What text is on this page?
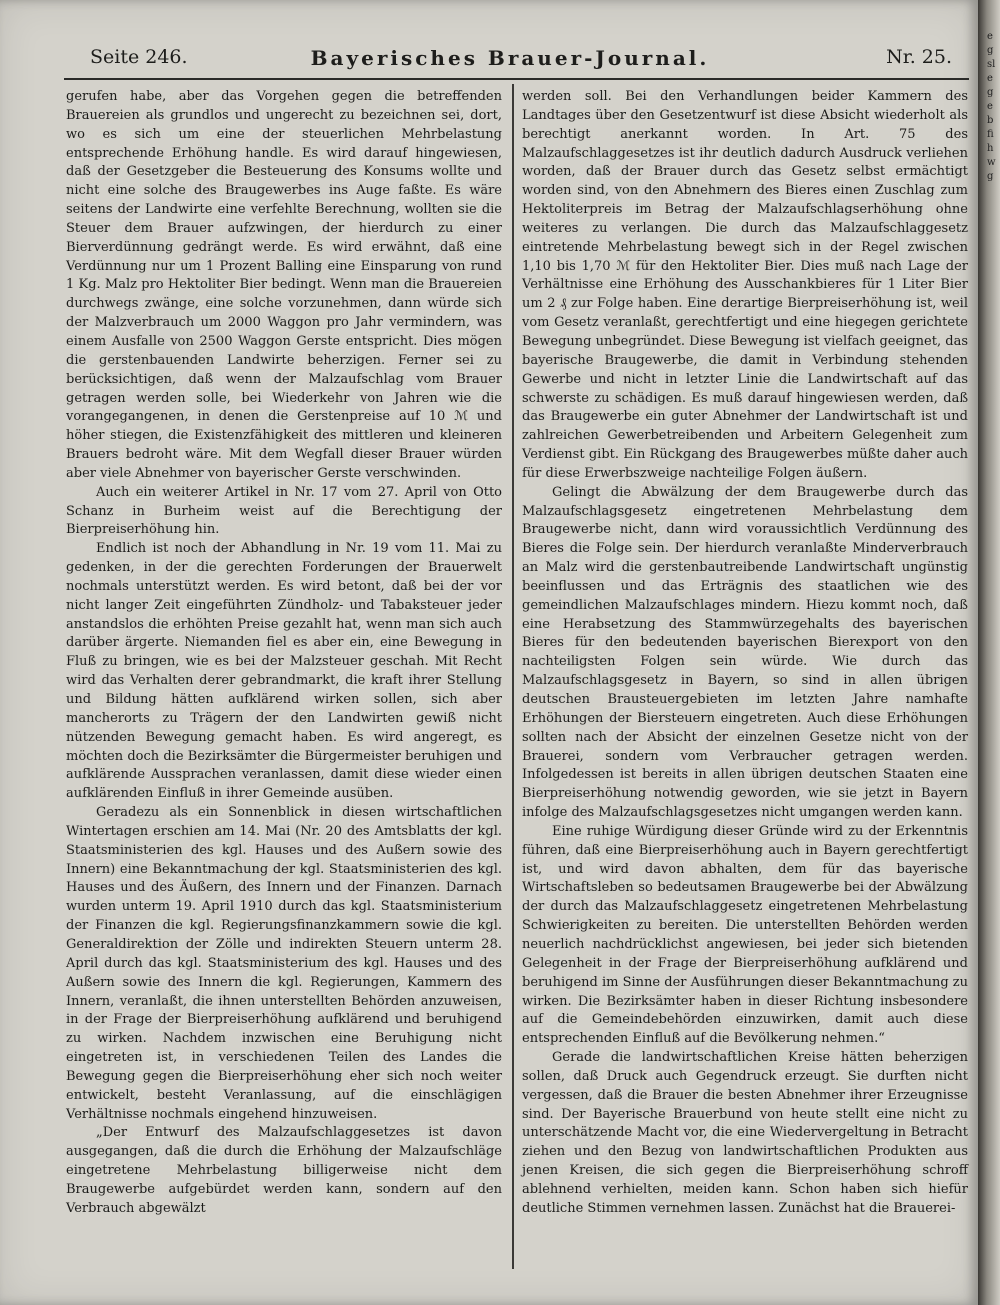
Seite 246.	Bayerisches Brauer-Journal.	Nr. 25.

gerufen habe, aber das Vorgehen gegen die betreffenden Brauereien als grundlos und ungerecht zu bezeichnen sei, dort, wo es sich um eine der steuerlichen Mehrbelastung entsprechende Erhöhung handle. Es wird darauf hingewiesen, daß der Gesetzgeber die Besteuerung des Konsums wollte und nicht eine solche des Braugewerbes ins Auge faßte. Es wäre seitens der Landwirte eine verfehlte Berechnung, wollten sie die Steuer dem Brauer aufzwingen, der hierdurch zu einer Bierverdünnung gedrängt werde. Es wird erwähnt, daß eine Verdünnung nur um 1 Prozent Balling eine Einsparung von rund 1 Kg. Malz pro Hektoliter Bier bedingt. Wenn man die Brauereien durchwegs zwänge, eine solche vorzunehmen, dann würde sich der Malzverbrauch um 2000 Waggon pro Jahr vermindern, was einem Ausfalle von 2500 Waggon Gerste entspricht. Dies mögen die gerstenbauenden Landwirte beherzigen. Ferner sei zu berücksichtigen, daß wenn der Malzaufschlag vom Brauer getragen werden solle, bei Wiederkehr von Jahren wie die vorangegangenen, in denen die Gerstenpreise auf 10 ℳ und höher stiegen, die Existenzfähigkeit des mittleren und kleineren Brauers bedroht wäre. Mit dem Wegfall dieser Brauer würden aber viele Abnehmer von bayerischer Gerste verschwinden.

Auch ein weiterer Artikel in Nr. 17 vom 27. April von Otto Schanz in Burheim weist auf die Berechtigung der Bierpreiserhöhung hin.

Endlich ist noch der Abhandlung in Nr. 19 vom 11. Mai zu gedenken, in der die gerechten Forderungen der Brauerwelt nochmals unterstützt werden. Es wird betont, daß bei der vor nicht langer Zeit eingeführten Zündholz- und Tabaksteuer jeder anstandslos die erhöhten Preise gezahlt hat, wenn man sich auch darüber ärgerte. Niemanden fiel es aber ein, eine Bewegung in Fluß zu bringen, wie es bei der Malzsteuer geschah. Mit Recht wird das Verhalten derer gebrandmarkt, die kraft ihrer Stellung und Bildung hätten aufklärend wirken sollen, sich aber mancherorts zu Trägern der den Landwirten gewiß nicht nützenden Bewegung gemacht haben. Es wird angeregt, es möchten doch die Bezirksämter die Bürgermeister beruhigen und aufklärende Aussprachen veranlassen, damit diese wieder einen aufklärenden Einfluß in ihrer Gemeinde ausüben.

Geradezu als ein Sonnenblick in diesen wirtschaftlichen Wintertagen erschien am 14. Mai (Nr. 20 des Amtsblatts der kgl. Staatsministerien des kgl. Hauses und des Außern sowie des Innern) eine Bekanntmachung der kgl. Staatsministerien des kgl. Hauses und des Äußern, des Innern und der Finanzen. Darnach wurden unterm 19. April 1910 durch das kgl. Staatsministerium der Finanzen die kgl. Regierungsfinanzkammern sowie die kgl. Generaldirektion der Zölle und indirekten Steuern unterm 28. April durch das kgl. Staatsministerium des kgl. Hauses und des Außern sowie des Innern die kgl. Regierungen, Kammern des Innern, veranlaßt, die ihnen unterstellten Behörden anzuweisen, in der Frage der Bierpreiserhöhung aufklärend und beruhigend zu wirken. Nachdem inzwischen eine Beruhigung nicht eingetreten ist, in verschiedenen Teilen des Landes die Bewegung gegen die Bierpreiserhöhung eher sich noch weiter entwickelt, besteht Veranlassung, auf die einschlägigen Verhältnisse nochmals eingehend hinzuweisen.

„Der Entwurf des Malzaufschlaggesetzes ist davon ausgegangen, daß die durch die Erhöhung der Malzaufschläge eingetretene Mehrbelastung billigerweise nicht dem Braugewerbe aufgebürdet werden kann, sondern auf den Verbrauch abgewälzt

werden soll. Bei den Verhandlungen beider Kammern des Landtages über den Gesetzentwurf ist diese Absicht wiederholt als berechtigt anerkannt worden. In Art. 75 des Malzaufschlaggesetzes ist ihr deutlich dadurch Ausdruck verliehen worden, daß der Brauer durch das Gesetz selbst ermächtigt worden sind, von den Abnehmern des Bieres einen Zuschlag zum Hektoliterpreis im Betrag der Malzaufschlagserhöhung ohne weiteres zu verlangen. Die durch das Malzaufschlaggesetz eintretende Mehrbelastung bewegt sich in der Regel zwischen 1,10 bis 1,70 ℳ für den Hektoliter Bier. Dies muß nach Lage der Verhältnisse eine Erhöhung des Ausschankbieres für 1 Liter Bier um 2 ₰ zur Folge haben. Eine derartige Bierpreiserhöhung ist, weil vom Gesetz veranlaßt, gerechtfertigt und eine hiegegen gerichtete Bewegung unbegründet. Diese Bewegung ist vielfach geeignet, das bayerische Braugewerbe, die damit in Verbindung stehenden Gewerbe und nicht in letzter Linie die Landwirtschaft auf das schwerste zu schädigen. Es muß darauf hingewiesen werden, daß das Braugewerbe ein guter Abnehmer der Landwirtschaft ist und zahlreichen Gewerbetreibenden und Arbeitern Gelegenheit zum Verdienst gibt. Ein Rückgang des Braugewerbes müßte daher auch für diese Erwerbszweige nachteilige Folgen äußern.

Gelingt die Abwälzung der dem Braugewerbe durch das Malzaufschlagsgesetz eingetretenen Mehrbelastung dem Braugewerbe nicht, dann wird voraussichtlich Verdünnung des Bieres die Folge sein. Der hierdurch veranlaßte Minderverbrauch an Malz wird die gerstenbautreibende Landwirtschaft ungünstig beeinflussen und das Erträgnis des staatlichen wie des gemeindlichen Malzaufschlages mindern. Hiezu kommt noch, daß eine Herabsetzung des Stammwürzegehalts des bayerischen Bieres für den bedeutenden bayerischen Bierexport von den nachteiligsten Folgen sein würde. Wie durch das Malzaufschlagsgesetz in Bayern, so sind in allen übrigen deutschen Brausteuergebieten im letzten Jahre namhafte Erhöhungen der Biersteuern eingetreten. Auch diese Erhöhungen sollten nach der Absicht der einzelnen Gesetze nicht von der Brauerei, sondern vom Verbraucher getragen werden. Infolgedessen ist bereits in allen übrigen deutschen Staaten eine Bierpreiserhöhung notwendig geworden, wie sie jetzt in Bayern infolge des Malzaufschlagsgesetzes nicht umgangen werden kann.

Eine ruhige Würdigung dieser Gründe wird zu der Erkenntnis führen, daß eine Bierpreiserhöhung auch in Bayern gerechtfertigt ist, und wird davon abhalten, dem für das bayerische Wirtschaftsleben so bedeutsamen Braugewerbe bei der Abwälzung der durch das Malzaufschlaggesetz eingetretenen Mehrbelastung Schwierigkeiten zu bereiten. Die unterstellten Behörden werden neuerlich nachdrücklichst angewiesen, bei jeder sich bietenden Gelegenheit in der Frage der Bierpreiserhöhung aufklärend und beruhigend im Sinne der Ausführungen dieser Bekanntmachung zu wirken. Die Bezirksämter haben in dieser Richtung insbesondere auf die Gemeindebehörden einzuwirken, damit auch diese entsprechenden Einfluß auf die Bevölkerung nehmen.“

Gerade die landwirtschaftlichen Kreise hätten beherzigen sollen, daß Druck auch Gegendruck erzeugt. Sie durften nicht vergessen, daß die Brauer die besten Abnehmer ihrer Erzeugnisse sind. Der Bayerische Brauerbund von heute stellt eine nicht zu unterschätzende Macht vor, die eine Wiedervergeltung in Betracht ziehen und den Bezug von landwirtschaftlichen Produkten aus jenen Kreisen, die sich gegen die Bierpreiserhöhung schroff ablehnend verhielten, meiden kann. Schon haben sich hiefür deutliche Stimmen vernehmen lassen. Zunächst hat die Brauerei-

e g sl e g e b fi h w g
